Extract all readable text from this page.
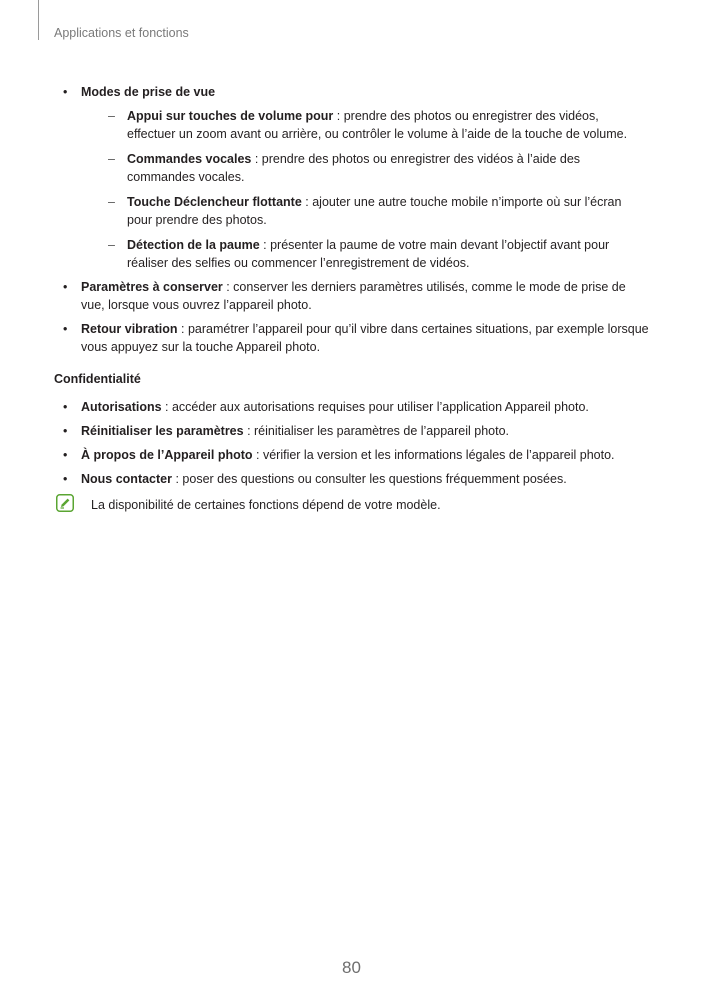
Applications et fonctions
• Modes de prise de vue
– Appui sur touches de volume pour : prendre des photos ou enregistrer des vidéos, effectuer un zoom avant ou arrière, ou contrôler le volume à l’aide de la touche de volume.
– Commandes vocales : prendre des photos ou enregistrer des vidéos à l’aide des commandes vocales.
– Touche Déclencheur flottante : ajouter une autre touche mobile n’importe où sur l’écran pour prendre des photos.
– Détection de la paume : présenter la paume de votre main devant l’objectif avant pour réaliser des selfies ou commencer l’enregistrement de vidéos.
• Paramètres à conserver : conserver les derniers paramètres utilisés, comme le mode de prise de vue, lorsque vous ouvrez l’appareil photo.
• Retour vibration : paramétrer l’appareil pour qu’il vibre dans certaines situations, par exemple lorsque vous appuyez sur la touche Appareil photo.
Confidentialité
• Autorisations : accéder aux autorisations requises pour utiliser l’application Appareil photo.
• Réinitialiser les paramètres : réinitialiser les paramètres de l’appareil photo.
• À propos de l’Appareil photo : vérifier la version et les informations légales de l’appareil photo.
• Nous contacter : poser des questions ou consulter les questions fréquemment posées.
La disponibilité de certaines fonctions dépend de votre modèle.
80
